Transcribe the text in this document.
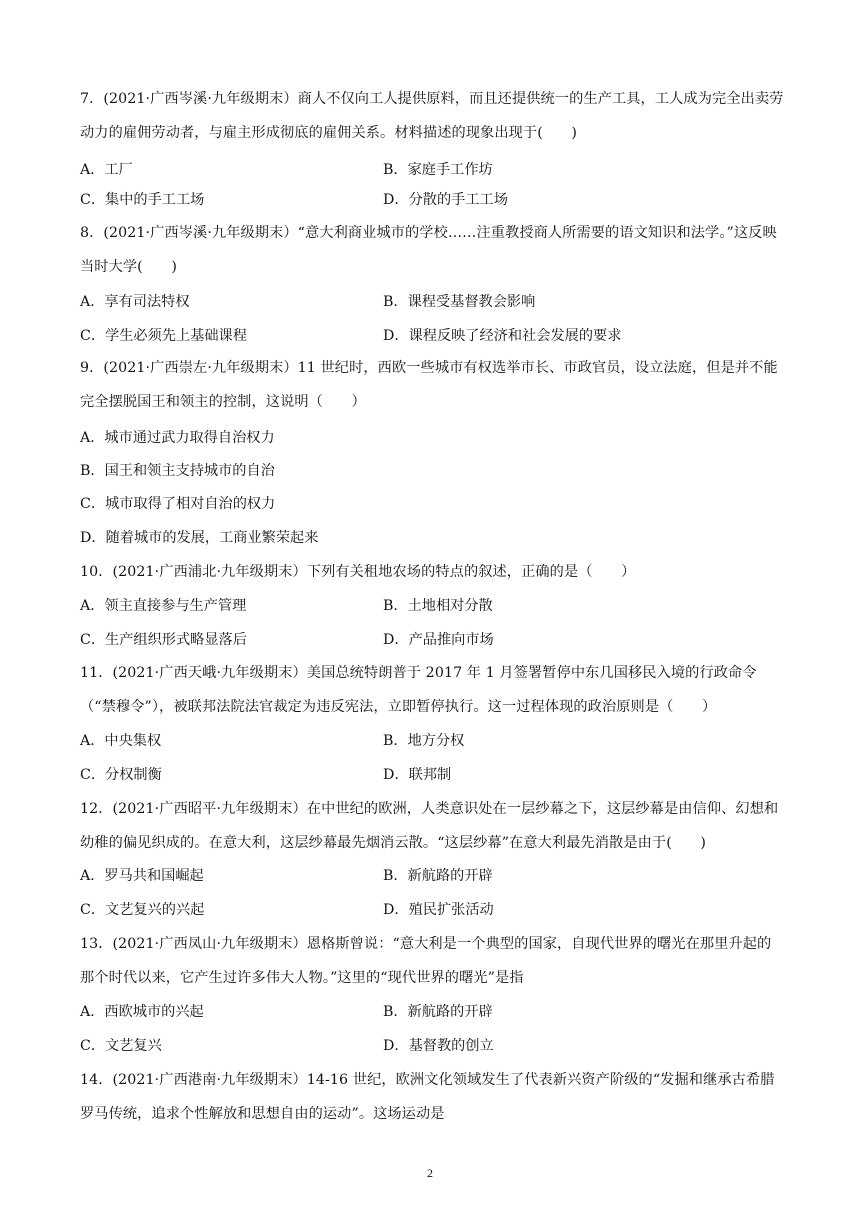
7．(2021·广西岑溪·九年级期末）商人不仅向工人提供原料，而且还提供统一的生产工具，工人成为完全出卖劳动力的雇佣劳动者，与雇主形成彻底的雇佣关系。材料描述的现象出现于(　　)
A．工厂	B．家庭手工作坊
C．集中的手工工场	D．分散的手工工场
8．(2021·广西岑溪·九年级期末）“意大利商业城市的学校……注重教授商人所需要的语文知识和法学。”这反映当时大学(　　)
A．享有司法特权	B．课程受基督教会影响
C．学生必须先上基础课程	D．课程反映了经济和社会发展的要求
9．(2021·广西崇左·九年级期末）11 世纪时，西欧一些城市有权选举市长、市政官员，设立法庭，但是并不能完全摆脱国王和领主的控制，这说明（　　）
A．城市通过武力取得自治权力
B．国王和领主支持城市的自治
C．城市取得了相对自治的权力
D．随着城市的发展，工商业繁荣起来
10．(2021·广西浦北·九年级期末）下列有关租地农场的特点的叙述，正确的是（　　）
A．领主直接参与生产管理	B．土地相对分散
C．生产组织形式略显落后	D．产品推向市场
11．(2021·广西天峨·九年级期末）美国总统特朗普于 2017 年 1 月签署暂停中东几国移民入境的行政命令（“禁穆令”），被联邦法院法官裁定为违反宪法，立即暂停执行。这一过程体现的政治原则是（　　）
A．中央集权	B．地方分权
C．分权制衡	D．联邦制
12．(2021·广西昭平·九年级期末）在中世纪的欧洲，人类意识处在一层纱幕之下，这层纱幕是由信仰、幻想和幼稚的偏见织成的。在意大利，这层纱幕最先烟消云散。“这层纱幕”在意大利最先消散是由于(　　)
A．罗马共和国崛起	B．新航路的开辟
C．文艺复兴的兴起	D．殖民扩张活动
13．(2021·广西凤山·九年级期末）恩格斯曾说：“意大利是一个典型的国家，自现代世界的曙光在那里升起的那个时代以来，它产生过许多伟大人物。”这里的“现代世界的曙光”是指
A．西欧城市的兴起	B．新航路的开辟
C．文艺复兴	D．基督教的创立
14．(2021·广西港南·九年级期末）14-16 世纪，欧洲文化领域发生了代表新兴资产阶级的“发掘和继承古希腊罗马传统，追求个性解放和思想自由的运动”。这场运动是
2
